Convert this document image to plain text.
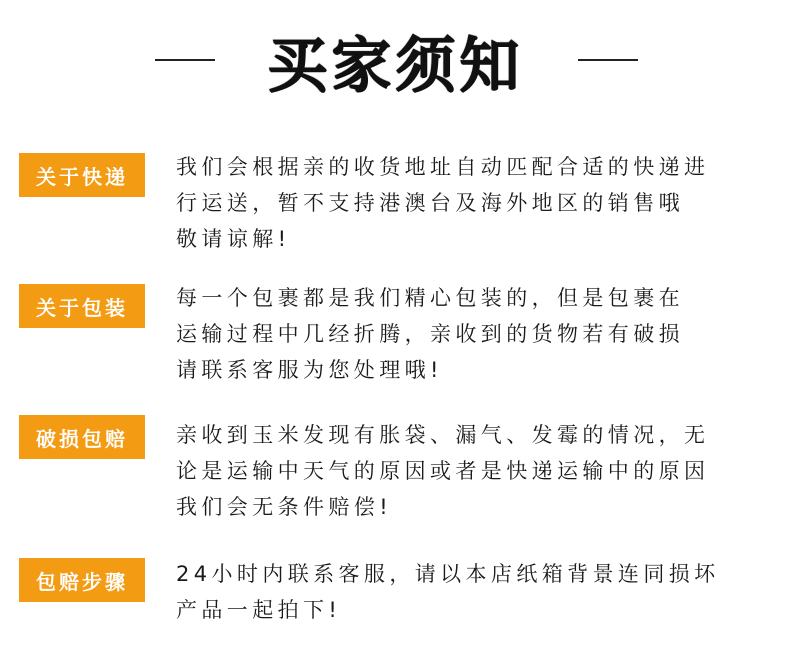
买家须知
关于快递	我们会根据亲的收货地址自动匹配合适的快递进
行运送，暂不支持港澳台及海外地区的销售哦
敬请谅解!
关于包装	每一个包裹都是我们精心包装的，但是包裹在
运输过程中几经折腾，亲收到的货物若有破损
请联系客服为您处理哦!
破损包赔	亲收到玉米发现有胀袋、漏气、发霉的情况，无
论是运输中天气的原因或者是快递运输中的原因
我们会无条件赔偿!
包赔步骤	24小时内联系客服，请以本店纸箱背景连同损坏
产品一起拍下!
